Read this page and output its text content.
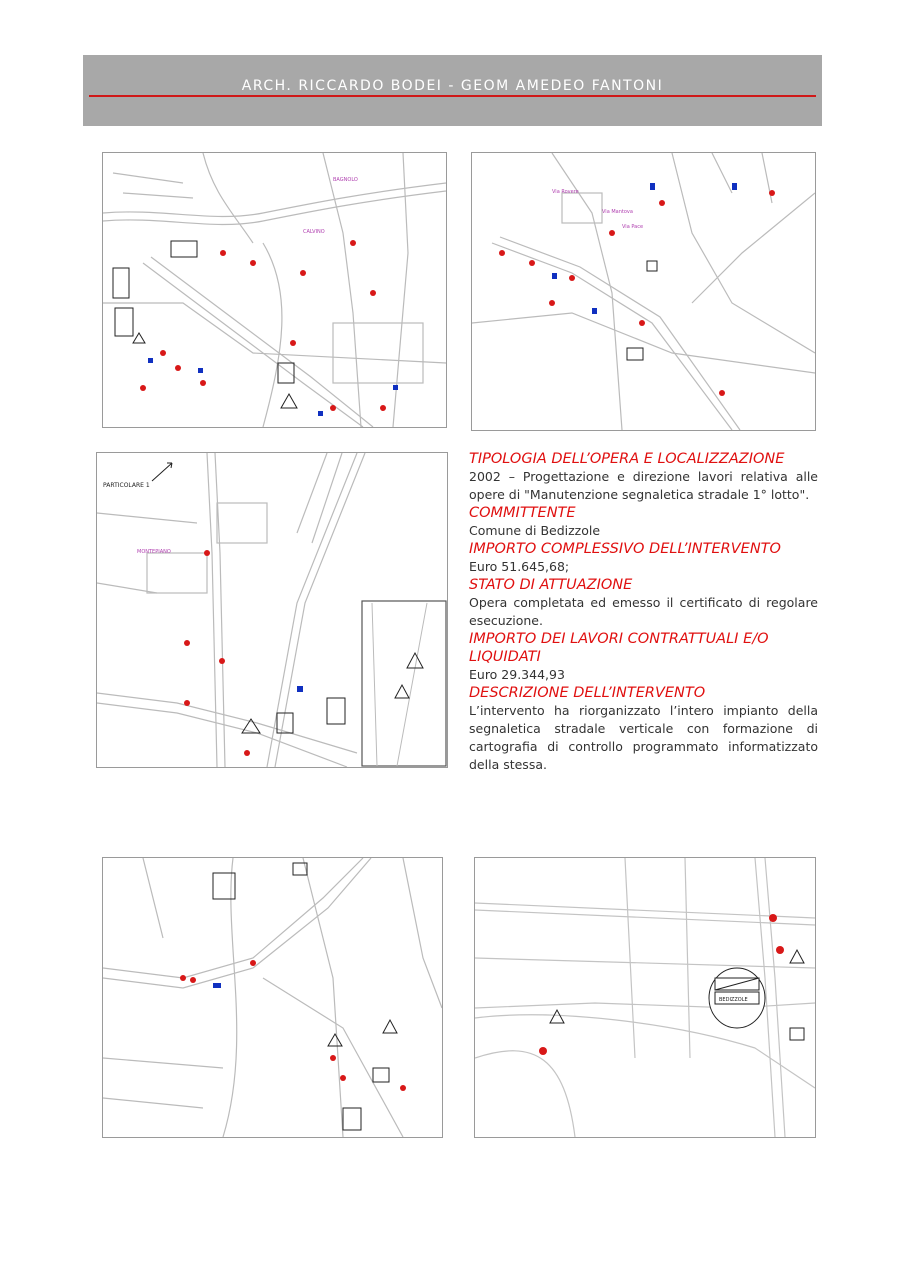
ARCH. RICCARDO BODEI - GEOM AMEDEO FANTONI
BAGNOLO
CALVINO
Via Rovere
Via Mantova
Via Pace
PARTICOLARE 1
MONTEPIANO

TIPOLOGIA DELL’OPERA E LOCALIZZAZIONE

2002 – Progettazione e direzione lavori relativa alle opere di "Manutenzione segnaletica stradale 1° lotto".

COMMITTENTE

Comune di Bedizzole

IMPORTO COMPLESSIVO DELL’INTERVENTO

Euro 51.645,68;

STATO DI ATTUAZIONE

Opera completata ed emesso il certificato di regolare esecuzione.

IMPORTO DEI LAVORI CONTRATTUALI E/O LIQUIDATI

Euro 29.344,93

DESCRIZIONE DELL’INTERVENTO

L’intervento ha riorganizzato l’intero impianto della segnaletica stradale verticale con formazione di cartografia di controllo programmato informatizzato della stessa.

BEDIZZOLE
